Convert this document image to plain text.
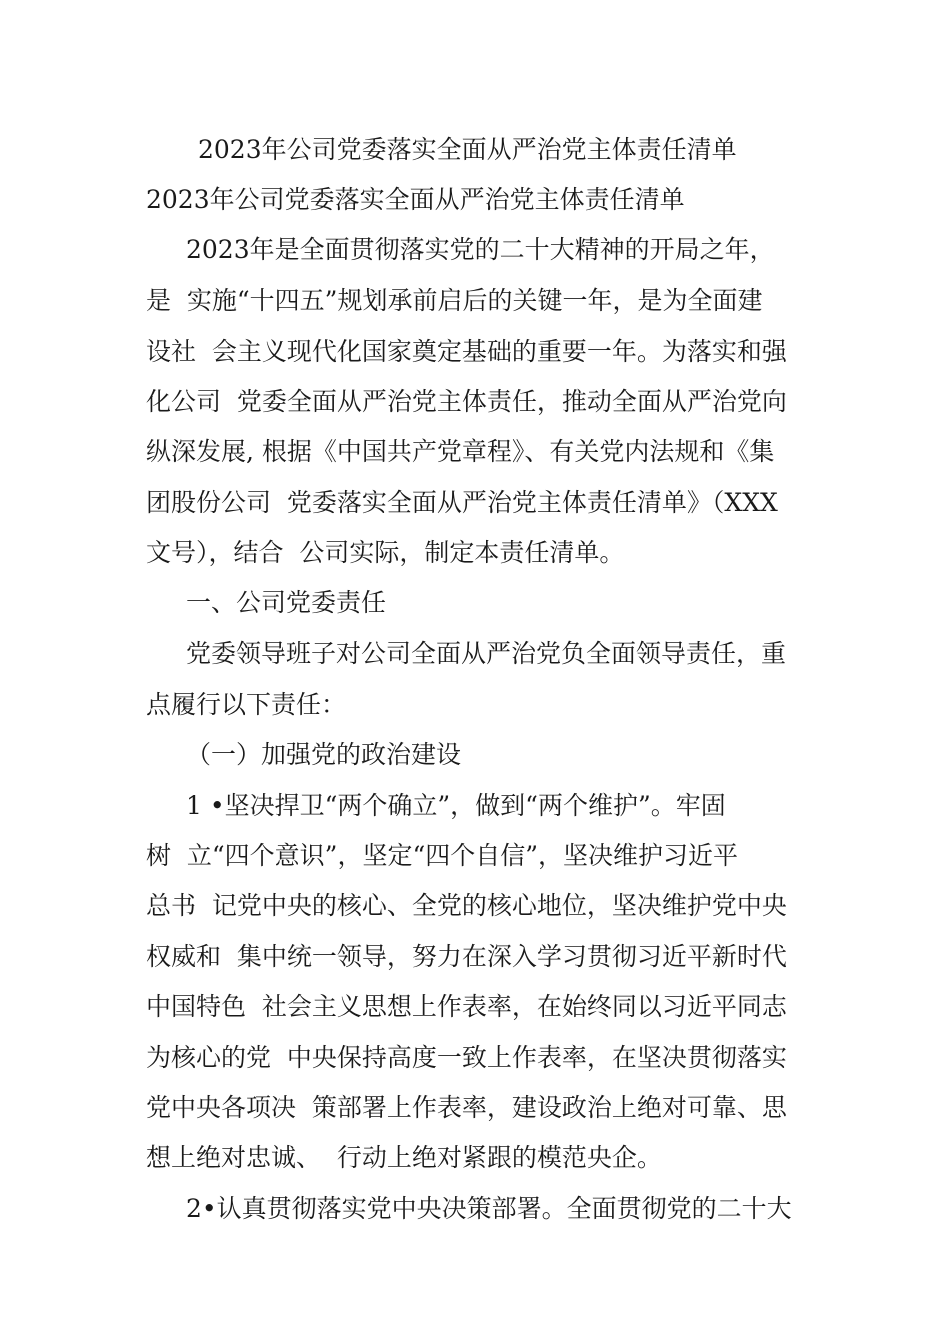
2023年公司党委落实全面从严治党主体责任清单
2023年公司党委落实全面从严治党主体责任清单
2023年是全面贯彻落实党的二十大精神的开局之年，
是  实施“十四五”规划承前启后的关键一年，是为全面建
设社  会主义现代化国家奠定基础的重要一年。为落实和强
化公司  党委全面从严治党主体责任，推动全面从严治党向
纵深发展, 根据《中国共产党章程》、有关党内法规和《集
团股份公司  党委落实全面从严治党主体责任清单》（XXX
文号），结合  公司实际，制定本责任清单。
一、公司党委责任
党委领导班子对公司全面从严治党负全面领导责任，重
点履行以下责任：
（一）加强党的政治建设
1 •坚决捍卫“两个确立”，做到“两个维护”。牢固
树  立“四个意识”，坚定“四个自信”，坚决维护习近平
总书  记党中央的核心、全党的核心地位，坚决维护党中央
权威和  集中统一领导，努力在深入学习贯彻习近平新时代
中国特色  社会主义思想上作表率，在始终同以习近平同志
为核心的党  中央保持高度一致上作表率，在坚决贯彻落实
党中央各项决  策部署上作表率，建设政治上绝对可靠、思
想上绝对忠诚、  行动上绝对紧跟的模范央企。
2•认真贯彻落实党中央决策部署。全面贯彻党的二十大
